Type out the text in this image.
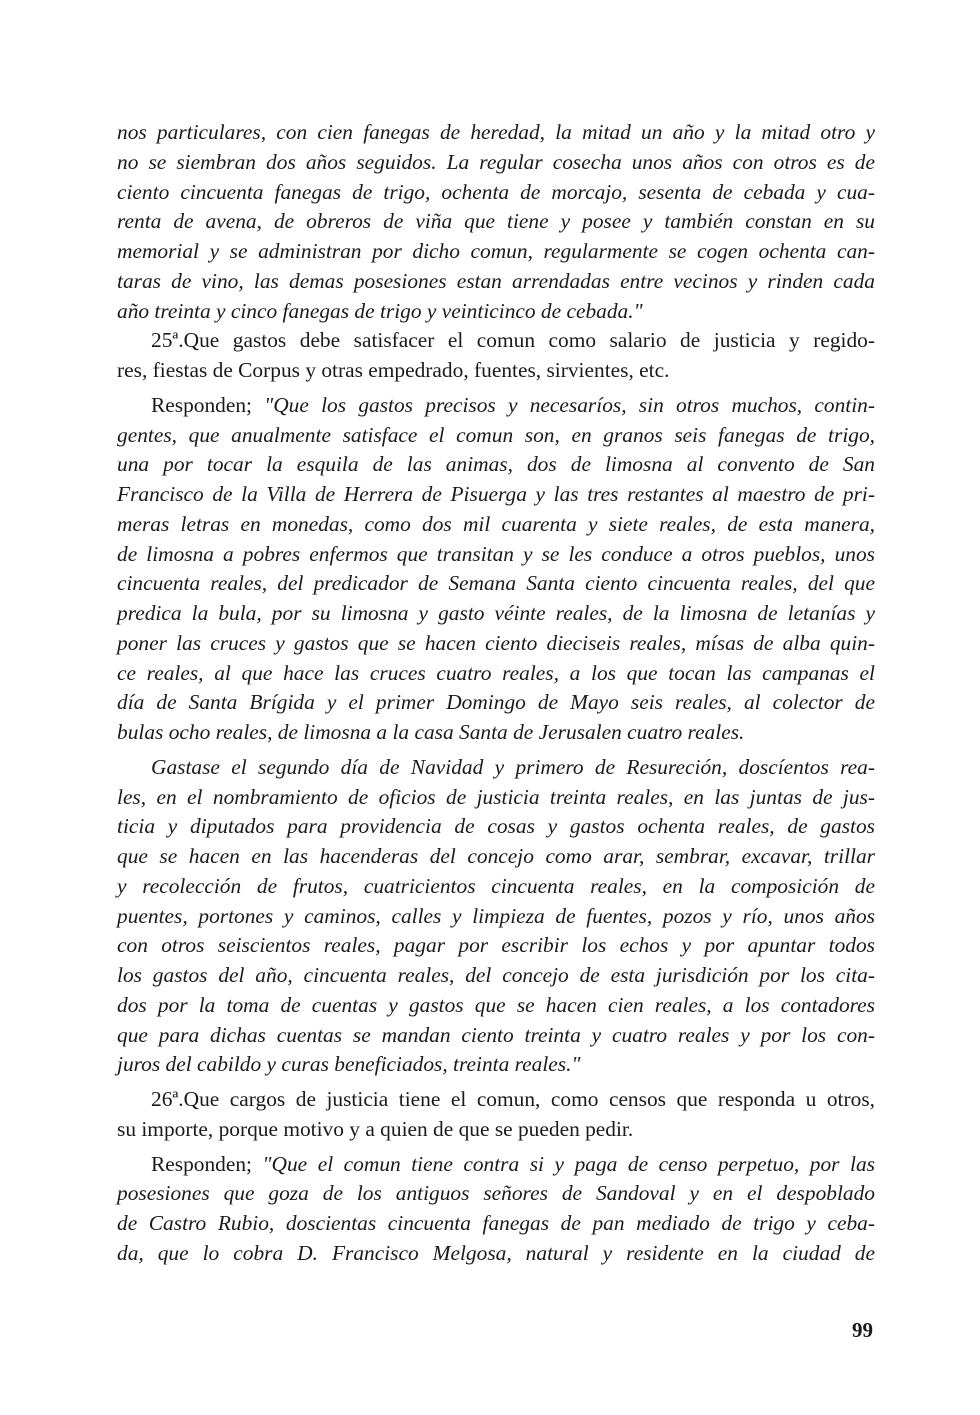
nos particulares, con cien fanegas de heredad, la mitad un año y la mitad otro y
no se siembran dos años seguidos. La regular cosecha unos años con otros es de
ciento cincuenta fanegas de trigo, ochenta de morcajo, sesenta de cebada y cua-
renta de avena, de obreros de viña que tiene y posee y también constan en su
memorial y se administran por dicho comun, regularmente se cogen ochenta can-
taras de vino, las demas posesiones estan arrendadas entre vecinos y rinden cada
año treinta y cinco fanegas de trigo y veinticinco de cebada."
25ª.Que gastos debe satisfacer el comun como salario de justicia y regido-
res, fiestas de Corpus y otras empedrado, fuentes, sirvientes, etc.
Responden; "Que los gastos precisos y necesaríos, sin otros muchos, contin-
gentes, que anualmente satisface el comun son, en granos seis fanegas de trigo,
una por tocar la esquila de las animas, dos de limosna al convento de San
Francisco de la Villa de Herrera de Pisuerga y las tres restantes al maestro de pri-
meras letras en monedas, como dos mil cuarenta y siete reales, de esta manera,
de limosna a pobres enfermos que transitan y se les conduce a otros pueblos, unos
cincuenta reales, del predicador de Semana Santa ciento cincuenta reales, del que
predica la bula, por su limosna y gasto véinte reales, de la limosna de letanías y
poner las cruces y gastos que se hacen ciento dieciseis reales, mísas de alba quin-
ce reales, al que hace las cruces cuatro reales, a los que tocan las campanas el
día de Santa Brígida y el primer Domingo de Mayo seis reales, al colector de
bulas ocho reales, de limosna a la casa Santa de Jerusalen cuatro reales.
Gastase el segundo día de Navidad y primero de Resureción, doscíentos rea-
les, en el nombramiento de oficios de justicia treinta reales, en las juntas de jus-
ticia y diputados para providencia de cosas y gastos ochenta reales, de gastos
que se hacen en las hacenderas del concejo como arar, sembrar, excavar, trillar
y recolección de frutos, cuatricientos cincuenta reales, en la composición de
puentes, portones y caminos, calles y limpieza de fuentes, pozos y río, unos años
con otros seiscientos reales, pagar por escribir los echos y por apuntar todos
los gastos del año, cincuenta reales, del concejo de esta jurisdición por los cita-
dos por la toma de cuentas y gastos que se hacen cien reales, a los contadores
que para dichas cuentas se mandan ciento treinta y cuatro reales y por los con-
juros del cabildo y curas beneficiados, treinta reales."
26ª.Que cargos de justicia tiene el comun, como censos que responda u otros,
su importe, porque motivo y a quien de que se pueden pedir.
Responden; "Que el comun tiene contra si y paga de censo perpetuo, por las
posesiones que goza de los antiguos señores de Sandoval y en el despoblado
de Castro Rubio, doscientas cincuenta fanegas de pan mediado de trigo y ceba-
da, que lo cobra D. Francisco Melgosa, natural y residente en la ciudad de
99
